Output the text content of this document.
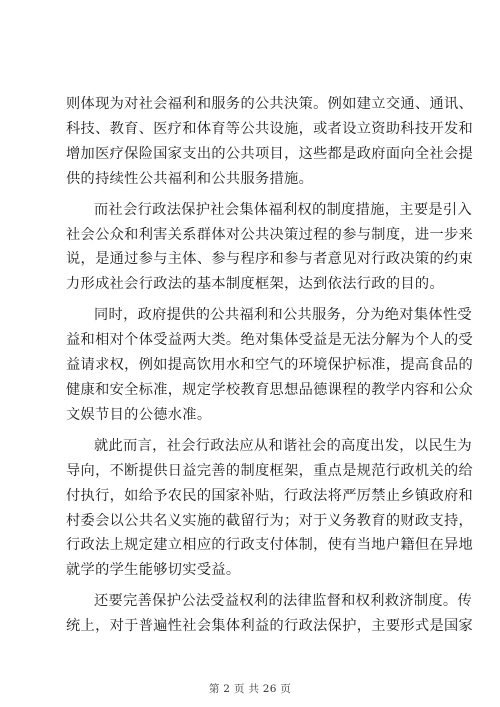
则体现为对社会福利和服务的公共決策。例如建立交通、通讯、
科技、教育、医疗和体育等公共设施，或者设立资助科技开发和
增加医疗保险国家支出的公共项目，这些都是政府面向全社会提
供的持续性公共福利和公共服务措施。

而社会行政法保护社会集体福利权的制度措施，主要是引入
社会公众和利害关系群体对公共决策过程的参与制度，进一步来
说，是通过参与主体、参与程序和参与者意见对行政决策的约束
力形成社会行政法的基本制度框架，达到依法行政的目的。

同时，政府提供的公共福利和公共服务，分为绝对集体性受
益和相对个体受益两大类。绝对集体受益是无法分解为个人的受
益请求权，例如提高饮用水和空气的环境保护标准，提高食品的
健康和安全标准，规定学校教育思想品德课程的教学内容和公众
文娱节目的公德水准。

就此而言，社会行政法应从和谐社会的高度出发，以民生为
导向，不断提供日益完善的制度框架，重点是规范行政机关的给
付执行，如给予农民的国家补贴，行政法将严厉禁止乡镇政府和
村委会以公共名义实施的截留行为；对于义务教育的财政支持，
行政法上规定建立相应的行政支付体制，使有当地户籍但在异地
就学的学生能够切实受益。

还要完善保护公法受益权利的法律监督和权利救济制度。传
统上，对于普遍性社会集体利益的行政法保护，主要形式是国家

第 2 页 共 26 页
